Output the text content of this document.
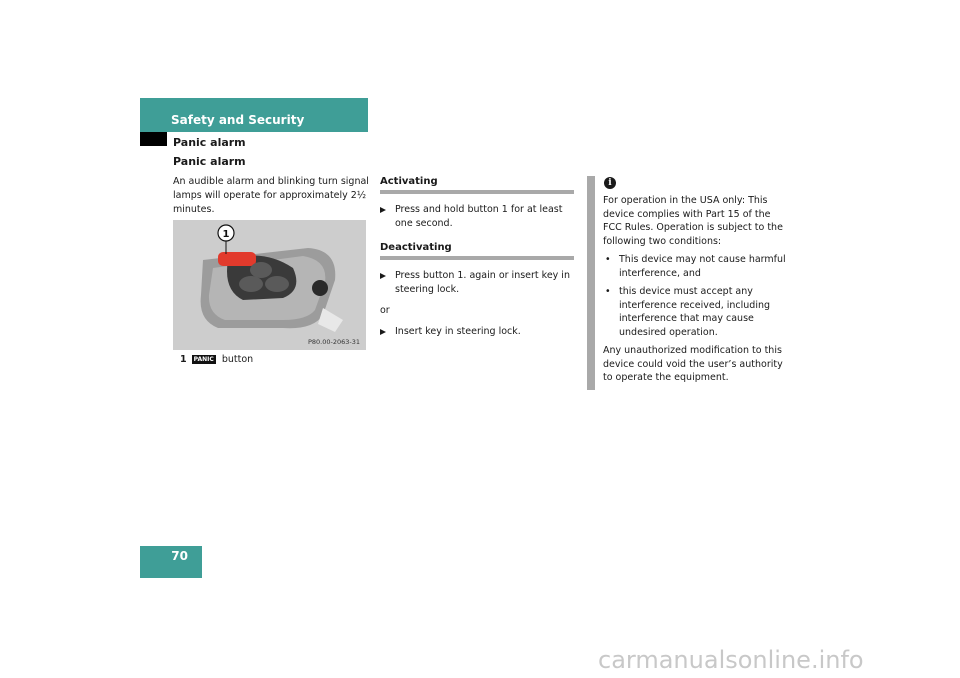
Safety and Security
Panic alarm
Panic alarm
An audible alarm and blinking turn signal lamps will operate for approximately 2½ minutes.
1
P80.00-2063-31
1 PANIC button
Activating
Press and hold button 1 for at least one second.
Deactivating
Press button 1. again or insert key in steering lock.
or
Insert key in steering lock.
i
For operation in the USA only: This device complies with Part 15 of the FCC Rules. Operation is subject to the following two conditions:
• This device may not cause harmful interference, and
• this device must accept any interference received, including interference that may cause undesired operation.
Any unauthorized modification to this device could void the user’s authority to operate the equipment.
70
carmanualsonline.info
